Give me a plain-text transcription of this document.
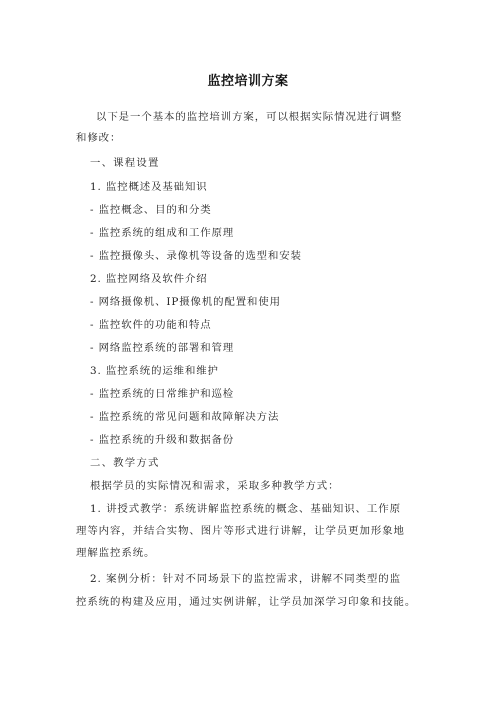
监控培训方案
以下是一个基本的监控培训方案，可以根据实际情况进行调整
和修改：
一、课程设置
1. 监控概述及基础知识
- 监控概念、目的和分类
- 监控系统的组成和工作原理
- 监控摄像头、录像机等设备的选型和安装
2. 监控网络及软件介绍
- 网络摄像机、IP摄像机的配置和使用
- 监控软件的功能和特点
- 网络监控系统的部署和管理
3. 监控系统的运维和维护
- 监控系统的日常维护和巡检
- 监控系统的常见问题和故障解决方法
- 监控系统的升级和数据备份
二、教学方式
根据学员的实际情况和需求，采取多种教学方式：
1. 讲授式教学：系统讲解监控系统的概念、基础知识、工作原
理等内容，并结合实物、图片等形式进行讲解，让学员更加形象地
理解监控系统。
2. 案例分析：针对不同场景下的监控需求，讲解不同类型的监
控系统的构建及应用，通过实例讲解，让学员加深学习印象和技能。
